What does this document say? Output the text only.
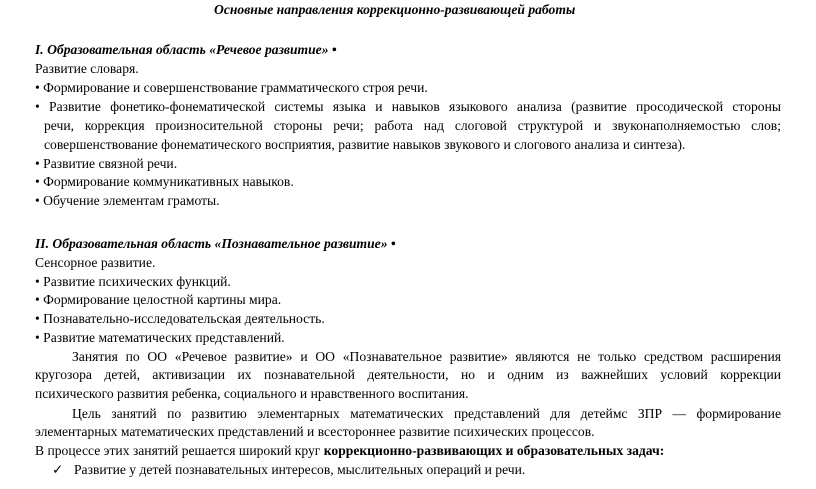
Основные направления коррекционно-развивающей работы
I. Образовательная область «Речевое развитие» •
Развитие словаря.
• Формирование и совершенствование грамматического строя речи.
• Развитие фонетико-фонематической системы языка и навыков языкового анализа (развитие просодической стороны
речи, коррекция произносительной стороны речи; работа над слоговой структурой и звуконаполняемостью слов;
совершенствование фонематического восприятия, развитие навыков звукового и слогового анализа и синтеза).
• Развитие связной речи.
• Формирование коммуникативных навыков.
• Обучение элементам грамоты.
II. Образовательная область «Познавательное развитие» •
Сенсорное развитие.
• Развитие психических функций.
• Формирование целостной картины мира.
• Познавательно-исследовательская деятельность.
• Развитие математических представлений.
Занятия по ОО «Речевое развитие» и ОО «Познавательное развитие» являются не только средством расширения
кругозора детей, активизации их познавательной деятельности, но и одним из важнейших условий коррекции
психического развития ребенка, социального и нравственного воспитания.
Цель занятий по развитию элементарных математических представлений для детеймс ЗПР — формирование
элементарных математических представлений и всестороннее развитие психических процессов.
В процессе этих занятий решается широкий круг коррекционно-развивающих и образовательных задач:
✓ Развитие у детей познавательных интересов, мыслительных операций и речи.
